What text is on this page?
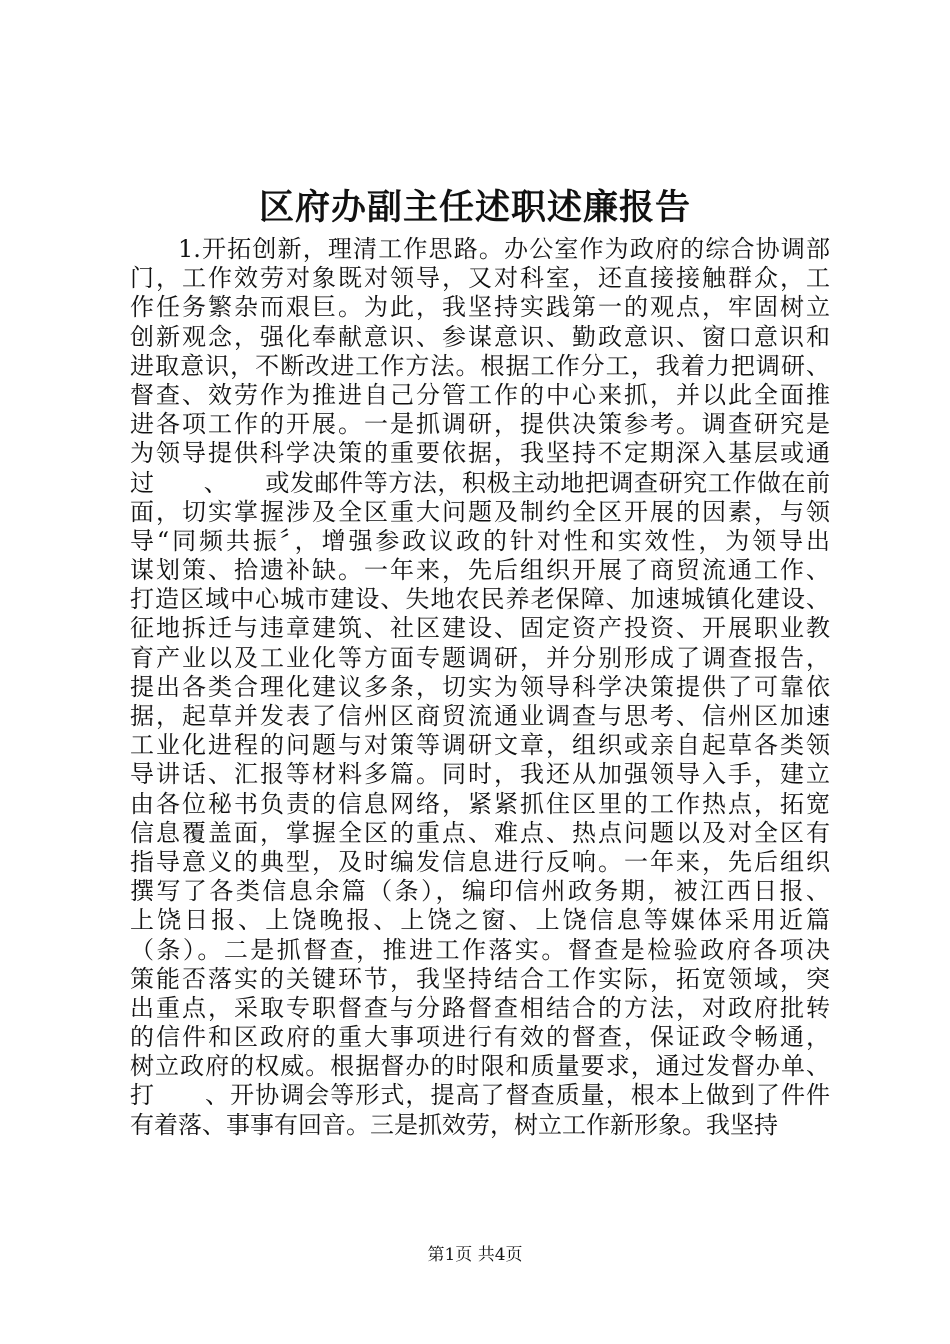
区府办副主任述职述廉报告
1.开拓创新，理清工作思路。办公室作为政府的综合协调部
门，工作效劳对象既对领导，又对科室，还直接接触群众，工
作任务繁杂而艰巨。为此，我坚持实践第一的观点，牢固树立
创新观念，强化奉献意识、参谋意识、勤政意识、窗口意识和
进取意识，不断改进工作方法。根据工作分工，我着力把调研、
督查、效劳作为推进自己分管工作的中心来抓，并以此全面推
进各项工作的开展。一是抓调研，提供决策参考。调查研究是
为领导提供科学决策的重要依据，我坚持不定期深入基层或通
过　　、　　或发邮件等方法，积极主动地把调查研究工作做在前
面，切实掌握涉及全区重大问题及制约全区开展的因素，与领
导“同频共振〞，增强参政议政的针对性和实效性，为领导出
谋划策、拾遗补缺。一年来，先后组织开展了商贸流通工作、
打造区域中心城市建设、失地农民养老保障、加速城镇化建设、
征地拆迁与违章建筑、社区建设、固定资产投资、开展职业教
育产业以及工业化等方面专题调研，并分别形成了调查报告，
提出各类合理化建议多条，切实为领导科学决策提供了可靠依
据，起草并发表了信州区商贸流通业调查与思考、信州区加速
工业化进程的问题与对策等调研文章，组织或亲自起草各类领
导讲话、汇报等材料多篇。同时，我还从加强领导入手，建立
由各位秘书负责的信息网络，紧紧抓住区里的工作热点，拓宽
信息覆盖面，掌握全区的重点、难点、热点问题以及对全区有
指导意义的典型，及时编发信息进行反响。一年来，先后组织
撰写了各类信息余篇（条），编印信州政务期，被江西日报、
上饶日报、上饶晚报、上饶之窗、上饶信息等媒体采用近篇
（条）。二是抓督查，推进工作落实。督查是检验政府各项决
策能否落实的关键环节，我坚持结合工作实际，拓宽领域，突
出重点，采取专职督查与分路督查相结合的方法，对政府批转
的信件和区政府的重大事项进行有效的督查，保证政令畅通，
树立政府的权威。根据督办的时限和质量要求，通过发督办单、
打　　、开协调会等形式，提高了督查质量，根本上做到了件件
有着落、事事有回音。三是抓效劳，树立工作新形象。我坚持
第1页 共4页
